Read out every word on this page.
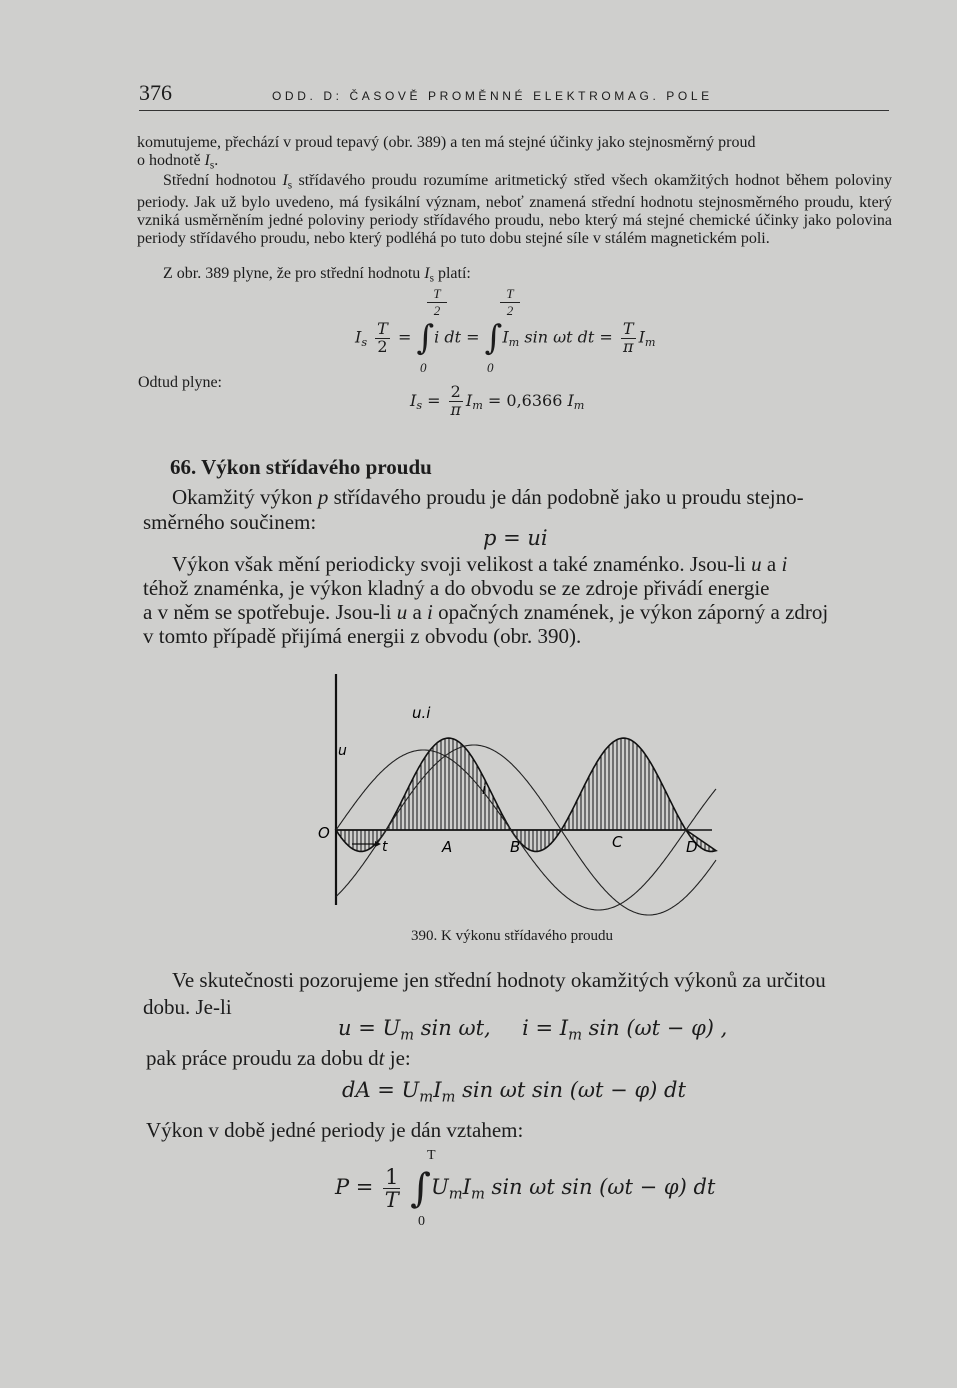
376	ODD. D: ČASOVĚ PROMĚNNÉ ELEKTROMAG. POLE
komutujeme, přechází v proud tepavý (obr. 389) a ten má stejné účinky jako stejnosměrný proud
o hodnotě $I_s$.
Střední hodnotou $I_s$ střídavého proudu rozumíme aritmetický střed všech okamžitých hodnot během poloviny periody. Jak už bylo uvedeno, má fysikální význam, neboť znamená střední hodnotu stejnosměrného proudu, který vzniká usměrněním jedné poloviny periody střídavého proudu, nebo který má stejné chemické účinky jako polovina periody střídavého proudu, nebo který podléhá po tuto dobu stejné síle v stálém magnetickém poli.
Z obr. 389 plyne, že pro střední hodnotu $I_s$ platí:
T
2
T
2
$I_s \frac{T}{2} = \int i$ dt = $\int I_m$ sin ωt dt = $\frac{T}{\pi} I_m$
0	0
Odtud plyne:
$I_s = \frac{2}{\pi} I_m = 0,6366$ $I_m$
66. Výkon střídavého proudu
Okamžitý výkon p střídavého proudu je dán podobně jako u proudu stejno-
směrného součinem:
p = ui
Výkon však mění periodicky svoji velikost a také znaménko. Jsou-li u a i
téhož znaménka, je výkon kladný a do obvodu se ze zdroje přivádí energie
a v něm se spotřebuje. Jsou-li u a i opačných znamének, je výkon záporný a zdroj
v tomto případě přijímá energii z obvodu (obr. 390).
u.i
u
i
O
t	A	B	C	D
390. K výkonu střídavého proudu
Ve skutečnosti pozorujeme jen střední hodnoty okamžitých výkonů za určitou
dobu. Je-li
$u = U_m$ sin ωt, $i = I_m$ sin (ωt − φ) ,
pak práce proudu za dobu dt je:
dA = $U_mI_m$ sin ωt sin (ωt − φ) dt
Výkon v době jedné periody je dán vztahem:
T
$P = \frac{1}{T} \int U_mI_m$ sin ωt sin (ωt − φ) dt
0
